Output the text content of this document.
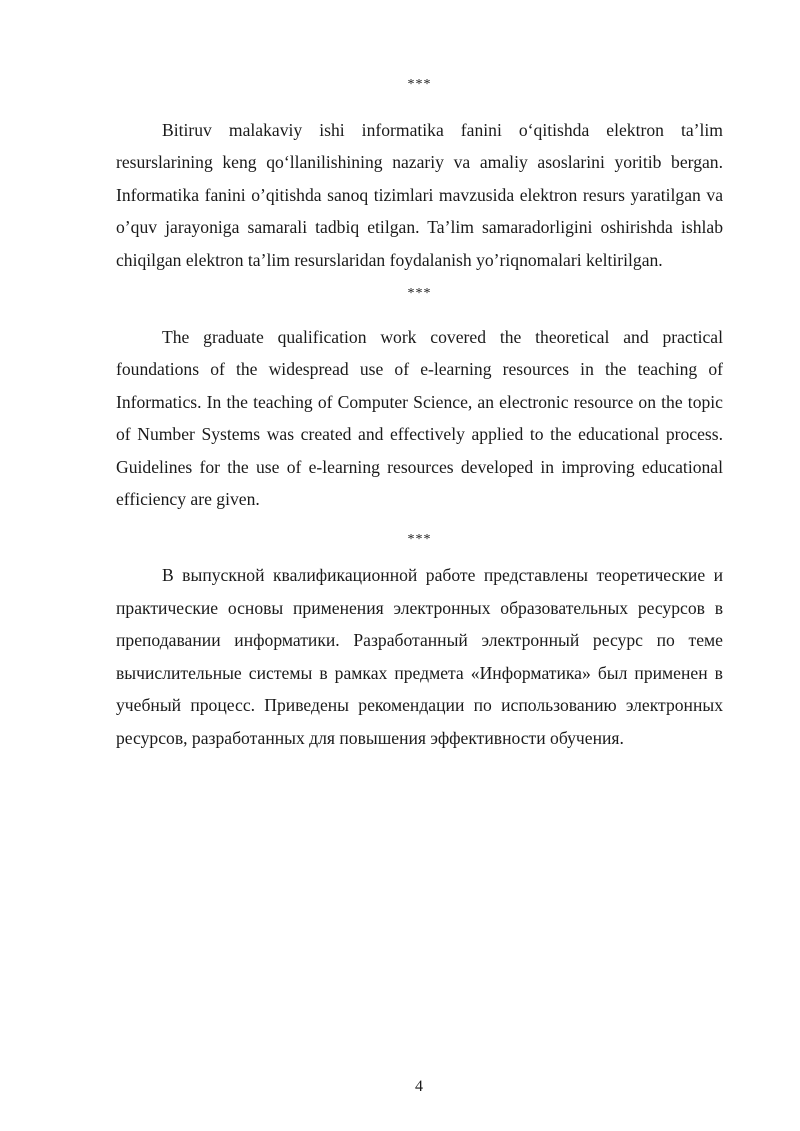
***

Bitiruv malakaviy ishi informatika fanini o‘qitishda elektron ta’lim resurslarining keng qo‘llanilishining nazariy va amaliy asoslarini yoritib bergan. Informatika fanini o’qitishda sanoq tizimlari mavzusida elektron resurs yaratilgan va o’quv jarayoniga samarali tadbiq etilgan. Ta’lim samaradorligini oshirishda ishlab chiqilgan elektron ta’lim resurslaridan foydalanish yo’riqnomalari keltirilgan.

***

The graduate qualification work covered the theoretical and practical foundations of the widespread use of e-learning resources in the teaching of Informatics. In the teaching of Computer Science, an electronic resource on the topic of Number Systems was created and effectively applied to the educational process. Guidelines for the use of e-learning resources developed in improving educational efficiency are given.

***

В выпускной квалификационной работе представлены теоретические и практические основы применения электронных образовательных ресурсов в преподавании информатики. Разработанный электронный ресурс по теме вычислительные системы в рамках предмета «Информатика» был применен в учебный процесс. Приведены рекомендации по использованию электронных ресурсов, разработанных для повышения эффективности обучения.

4
